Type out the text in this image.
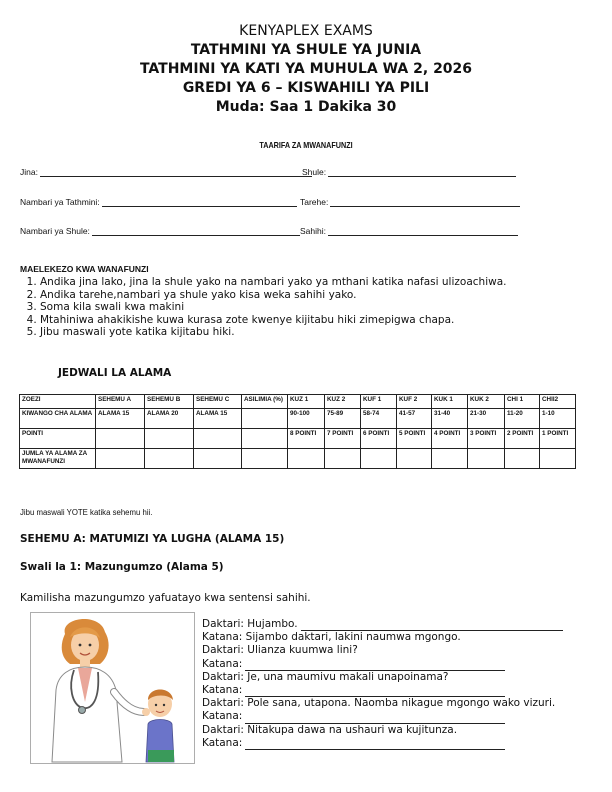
KENYAPLEX EXAMS
TATHMINI YA SHULE YA JUNIA
TATHMINI YA KATI YA MUHULA WA 2, 2026
GREDI YA 6 – KISWAHILI YA PILI
Muda: Saa 1 Dakika 30
TAARIFA ZA MWANAFUNZI
Jina:	Shule:
Nambari ya Tathmini:	Tarehe:
Nambari ya Shule:	Sahihi:
MAELEKEZO KWA WANAFUNZI
1. Andika jina lako, jina la shule yako na nambari yako ya mthani katika nafasi ulizoachiwa.
2. Andika tarehe,nambari ya shule yako kisa weka sahihi yako.
3. Soma kila swali kwa makini
4. Mtahiniwa ahakikishe kuwa kurasa zote kwenye kijitabu hiki zimepigwa chapa.
5. Jibu maswali yote katika kijitabu hiki.
JEDWALI LA ALAMA
ZOEZI	SEHEMU A	SEHEMU B	SEHEMU C	ASILIMIA (%)	KUZ 1	KUZ 2	KUF 1	KUF 2	KUK 1	KUK 2	CHI 1	CHII2
KIWANGO CHA ALAMA	ALAMA 15	ALAMA 20	ALAMA 15		90-100	75-89	58-74	41-57	31-40	21-30	11-20	1-10
POINTI					8 POINTI	7 POINTI	6 POINTI	5 POINTI	4 POINTI	3 POINTI	2 POINTI	1 POINTI
JUMLA YA ALAMA ZA MWANAFUNZI												
Jibu maswali YOTE katika sehemu hii.
SEHEMU A: MATUMIZI YA LUGHA (ALAMA 15)
Swali la 1: Mazungumzo (Alama 5)
Kamilisha mazungumzo yafuatayo kwa sentensi sahihi.
Daktari: Hujambo.
Katana: Sijambo daktari, lakini naumwa mgongo.
Daktari: Ulianza kuumwa lini?
Katana:
Daktari: Je, una maumivu makali unapoinama?
Katana:
Daktari: Pole sana, utapona. Naomba nikague mgongo wako vizuri.
Katana:
Daktari: Nitakupa dawa na ushauri wa kujitunza.
Katana:
